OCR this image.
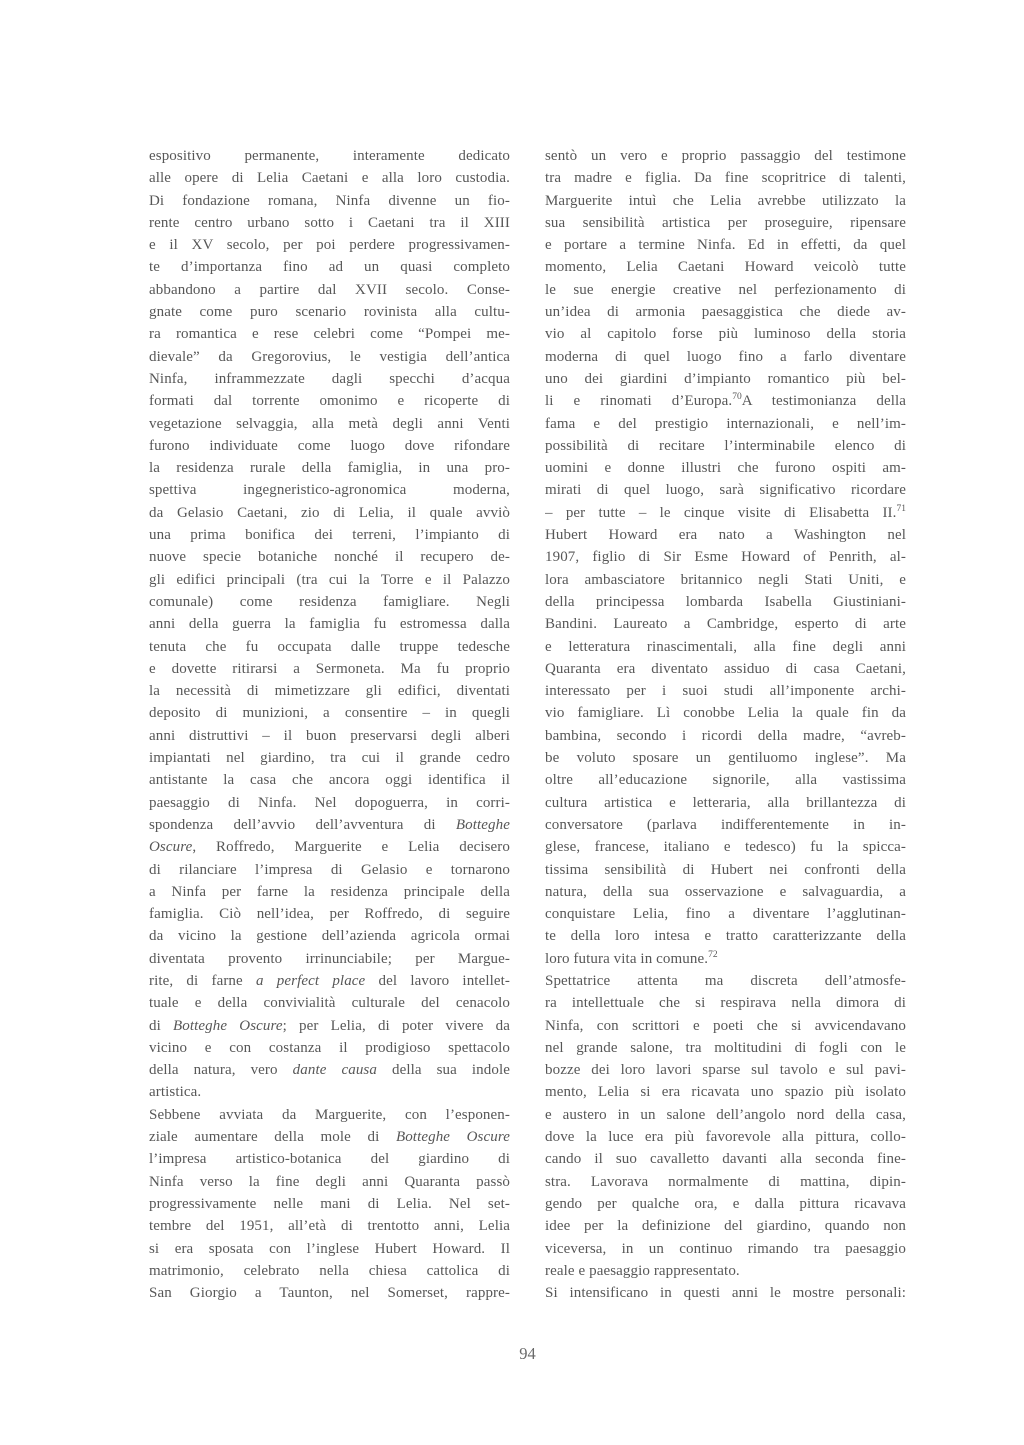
espositivo permanente, interamente dedicato
alle opere di Lelia Caetani e alla loro custodia.
Di fondazione romana, Ninfa divenne un fio-
rente centro urbano sotto i Caetani tra il XIII
e il XV secolo, per poi perdere progressivamen-
te d’importanza fino ad un quasi completo
abbandono a partire dal XVII secolo. Conse-
gnate come puro scenario rovinista alla cultu-
ra romantica e rese celebri come “Pompei me-
dievale” da Gregorovius, le vestigia dell’antica
Ninfa, inframmezzate dagli specchi d’acqua
formati dal torrente omonimo e ricoperte di
vegetazione selvaggia, alla metà degli anni Venti
furono individuate come luogo dove rifondare
la residenza rurale della famiglia, in una pro-
spettiva ingegneristico-agronomica moderna,
da Gelasio Caetani, zio di Lelia, il quale avviò
una prima bonifica dei terreni, l’impianto di
nuove specie botaniche nonché il recupero de-
gli edifici principali (tra cui la Torre e il Palazzo
comunale) come residenza famigliare. Negli
anni della guerra la famiglia fu estromessa dalla
tenuta che fu occupata dalle truppe tedesche
e dovette ritirarsi a Sermoneta. Ma fu proprio
la necessità di mimetizzare gli edifici, diventati
deposito di munizioni, a consentire – in quegli
anni distruttivi – il buon preservarsi degli alberi
impiantati nel giardino, tra cui il grande cedro
antistante la casa che ancora oggi identifica il
paesaggio di Ninfa. Nel dopoguerra, in corri-
spondenza dell’avvio dell’avventura di Botteghe
Oscure, Roffredo, Marguerite e Lelia decisero
di rilanciare l’impresa di Gelasio e tornarono
a Ninfa per farne la residenza principale della
famiglia. Ciò nell’idea, per Roffredo, di seguire
da vicino la gestione dell’azienda agricola ormai
diventata provento irrinunciabile; per Margue-
rite, di farne a perfect place del lavoro intellet-
tuale e della convivialità culturale del cenacolo
di Botteghe Oscure; per Lelia, di poter vivere da
vicino e con costanza il prodigioso spettacolo
della natura, vero dante causa della sua indole
artistica.
Sebbene avviata da Marguerite, con l’esponen-
ziale aumentare della mole di Botteghe Oscure
l’impresa artistico-botanica del giardino di
Ninfa verso la fine degli anni Quaranta passò
progressivamente nelle mani di Lelia. Nel set-
tembre del 1951, all’età di trentotto anni, Lelia
si era sposata con l’inglese Hubert Howard. Il
matrimonio, celebrato nella chiesa cattolica di
San Giorgio a Taunton, nel Somerset, rappre-
sentò un vero e proprio passaggio del testimone
tra madre e figlia. Da fine scopritrice di talenti,
Marguerite intuì che Lelia avrebbe utilizzato la
sua sensibilità artistica per proseguire, ripensare
e portare a termine Ninfa. Ed in effetti, da quel
momento, Lelia Caetani Howard veicolò tutte
le sue energie creative nel perfezionamento di
un’idea di armonia paesaggistica che diede av-
vio al capitolo forse più luminoso della storia
moderna di quel luogo fino a farlo diventare
uno dei giardini d’impianto romantico più bel-
li e rinomati d’Europa.$^{70}$A testimonianza della
fama e del prestigio internazionali, e nell’im-
possibilità di recitare l’interminabile elenco di
uomini e donne illustri che furono ospiti am-
mirati di quel luogo, sarà significativo ricordare
– per tutte – le cinque visite di Elisabetta II.$^{71}$
Hubert Howard era nato a Washington nel
1907, figlio di Sir Esme Howard of Penrith, al-
lora ambasciatore britannico negli Stati Uniti, e
della principessa lombarda Isabella Giustiniani-
Bandini. Laureato a Cambridge, esperto di arte
e letteratura rinascimentali, alla fine degli anni
Quaranta era diventato assiduo di casa Caetani,
interessato per i suoi studi all’imponente archi-
vio famigliare. Lì conobbe Lelia la quale fin da
bambina, secondo i ricordi della madre, “avreb-
be voluto sposare un gentiluomo inglese”. Ma
oltre all’educazione signorile, alla vastissima
cultura artistica e letteraria, alla brillantezza di
conversatore (parlava indifferentemente in in-
glese, francese, italiano e tedesco) fu la spicca-
tissima sensibilità di Hubert nei confronti della
natura, della sua osservazione e salvaguardia, a
conquistare Lelia, fino a diventare l’agglutinan-
te della loro intesa e tratto caratterizzante della
loro futura vita in comune.$^{72}$
Spettatrice attenta ma discreta dell’atmosfe-
ra intellettuale che si respirava nella dimora di
Ninfa, con scrittori e poeti che si avvicendavano
nel grande salone, tra moltitudini di fogli con le
bozze dei loro lavori sparse sul tavolo e sul pavi-
mento, Lelia si era ricavata uno spazio più isolato
e austero in un salone dell’angolo nord della casa,
dove la luce era più favorevole alla pittura, collo-
cando il suo cavalletto davanti alla seconda fine-
stra. Lavorava normalmente di mattina, dipin-
gendo per qualche ora, e dalla pittura ricavava
idee per la definizione del giardino, quando non
viceversa, in un continuo rimando tra paesaggio
reale e paesaggio rappresentato.
Si intensificano in questi anni le mostre personali:
94
